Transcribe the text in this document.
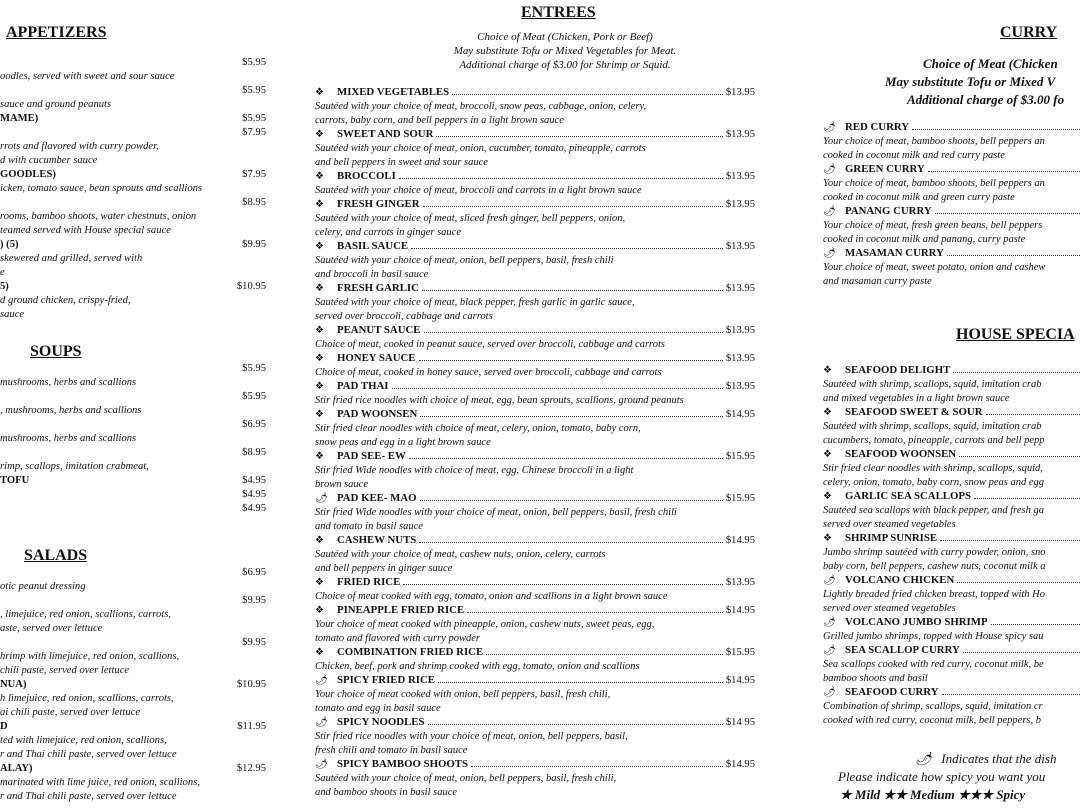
APPETIZERS
$5.95
oodles, served with sweet and sour sauce
$5.95
sauce and ground peanuts
MAME)	$5.95
$7.95
rrots and flavored with curry powder,
d with cucumber sauce
GOODLES)	$7.95
icken, tomato sauce, bean sprouts and scallions
$8.95
rooms, bamboo shoots, water chestnuts, onion
teamed served with House special sauce
) (5)	$9.95
skewered and grilled, served with
e
5)	$10.95
d ground chicken, crispy-fried,
sauce
SOUPS
$5.95
mushrooms, herbs and scallions
$5.95
, mushrooms, herbs and scallions
$6.95
mushrooms, herbs and scallions
$8.95
rimp, scallops, imitation crabmeat,
TOFU	$4.95
$4.95
$4.95
SALADS
$6.95
otic peanut dressing
$9.95
, limejuice, red onion, scallions, carrots,
aste, served over lettuce
$9.95
hrimp with limejuice, red onion, scallions,
chili paste, served over lettuce
NUA)	$10.95
h limejuice, red onion, scallions, carrots,
ai chili paste, served over lettuce
D	$11.95
ted with limejuice, red onion, scallions,
r and Thai chili paste, served over lettuce
ALAY)	$12.95
marinated with lime juice, red onion, scallions,
r and Thai chili paste, served over lettuce
ENTREES
Choice of Meat (Chicken, Pork or Beef)
May substitute Tofu or Mixed Vegetables for Meat.
Additional charge of $3.00 for Shrimp or Squid.
❖	MIXED VEGETABLES	$13.95
Sautéed with your choice of meat, broccoli, snow peas, cabbage, onion, celery,
carrots, baby corn, and bell peppers in a light brown sauce
❖	SWEET AND SOUR	$13.95
Sautéed with your choice of meat, onion, cucumber, tomato, pineapple, carrots
and bell peppers in sweet and sour sauce
❖	BROCCOLI	$13.95
Sautéed with your choice of meat, broccoli and carrots in a light brown sauce
❖	FRESH GINGER	$13.95
Sautéed with your choice of meat, sliced fresh ginger, bell peppers, onion,
celery, and carrots in ginger sauce
❖	BASIL SAUCE	$13.95
Sautéed with your choice of meat, onion, bell peppers, basil, fresh chili
and broccoli in basil sauce
❖	FRESH GARLIC	$13.95
Sautéed with your choice of meat, black pepper, fresh garlic in garlic sauce,
served over broccoli, cabbage and carrots
❖	PEANUT SAUCE	$13.95
Choice of meat, cooked in peanut sauce, served over broccoli, cabbage and carrots
❖	HONEY SAUCE	$13.95
Choice of meat, cooked in honey sauce, served over broccoli, cabbage and carrots
❖	PAD THAI	$13.95
Stir fried rice noodles with choice of meat, egg, bean sprouts, scallions, ground peanuts
❖	PAD WOONSEN	$14.95
Stir fried clear noodles with choice of meat, celery, onion, tomato, baby corn,
snow peas and egg in a light brown sauce
❖	PAD SEE- EW	$15.95
Stir fried Wide noodles with choice of meat, egg, Chinese broccoli in a light
brown sauce
🌶 PAD KEE- MAO	$15.95
Stir fried Wide noodles with your choice of meat, onion, bell peppers, basil, fresh chili
and tomato in basil sauce
❖	CASHEW NUTS	$14.95
Sautéed with your choice of meat, cashew nuts, onion, celery, carrots
and bell peppers in ginger sauce
❖	FRIED RICE	$13.95
Choice of meat cooked with egg, tomato, onion and scallions in a light brown sauce
❖	PINEAPPLE FRIED RICE	$14.95
Your choice of meat cooked with pineapple, onion, cashew nuts, sweet peas, egg,
tomato and flavored with curry powder
❖	COMBINATION FRIED RICE	$15.95
Chicken, beef, pork and shrimp cooked with egg, tomato, onion and scallions
🌶 SPICY FRIED RICE	$14.95
Your choice of meat cooked with onion, bell peppers, basil, fresh chili,
tomato and egg in basil sauce
🌶 SPICY NOODLES	$14 95
Stir fried rice noodles with your choice of meat, onion, bell peppers, basil,
fresh chili and tomato in basil sauce
🌶 SPICY BAMBOO SHOOTS	$14.95
Sautéed with your choice of meat, onion, bell peppers, basil, fresh chili,
and bamboo shoots in basil sauce
CURRY
Choice of Meat (Chicken
May substitute Tofu or Mixed V
Additional charge of $3.00 fo
🌶 RED CURRY
Your choice of meat, bamboo shoots, bell peppers an
cooked in coconut milk and red curry paste
🌶 GREEN CURRY
Your choice of meat, bamboo shoots, bell peppers an
cooked in coconut milk and green curry paste
🌶 PANANG CURRY
Your choice of meat, fresh green beans, bell peppers
cooked in coconut milk and panang, curry paste
🌶 MASAMAN CURRY
Your choice of meat, sweet potato, onion and cashew
and masaman curry paste
HOUSE SPECIA
❖	SEAFOOD DELIGHT
Sautéed with shrimp, scallops, squid, imitation crab
and mixed vegetables in a light brown sauce
❖	SEAFOOD SWEET & SOUR
Sautéed with shrimp, scallops, squid, imitation crab
cucumbers, tomato, pineapple, carrots and bell pepp
❖	SEAFOOD WOONSEN
Stir fried clear noodles with shrimp, scallops, squid,
celery, onion, tomato, baby corn, snow peas and egg
❖	GARLIC SEA SCALLOPS
Sautéed sea scallops with black pepper, and fresh ga
served over steamed vegetables
❖	SHRIMP SUNRISE
Jumbo shrimp sautéed with curry powder, onion, sno
baby corn, bell peppers, cashew nuts, coconut milk a
🌶 VOLCANO CHICKEN
Lightly breaded fried chicken breast, topped with Ho
served over steamed vegetables
🌶 VOLCANO JUMBO SHRIMP
Grilled jumbo shrimps, topped with House spicy sau
🌶 SEA SCALLOP CURRY
Sea scallops cooked with red curry, coconut milk, be
bamboo shoots and basil
🌶 SEAFOOD CURRY
Combination of shrimp, scallops, squid, imitation cr
cooked with red curry, coconut milk, bell peppers, b
🌶 Indicates that the dish
Please indicate how spicy you want you
★ Mild ★★ Medium ★★★ Spicy
